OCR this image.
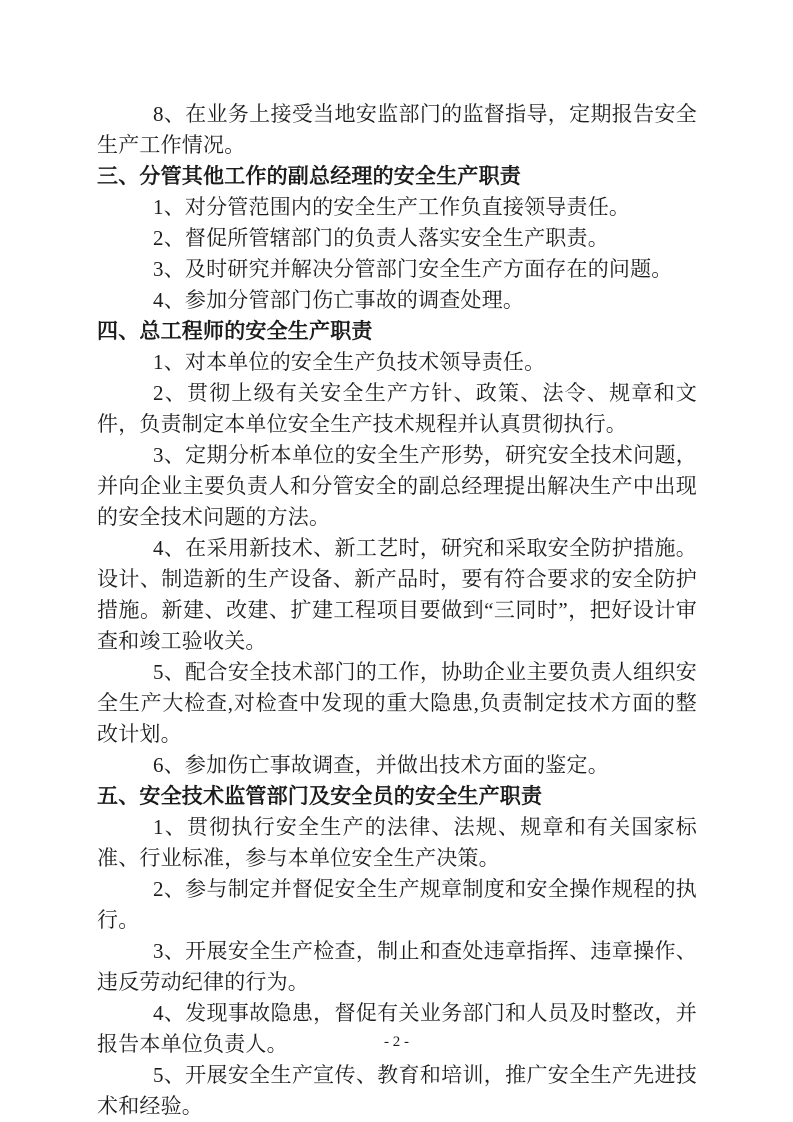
8、在业务上接受当地安监部门的监督指导，定期报告安全生产工作情况。

三、分管其他工作的副总经理的安全生产职责

1、对分管范围内的安全生产工作负直接领导责任。

2、督促所管辖部门的负责人落实安全生产职责。

3、及时研究并解决分管部门安全生产方面存在的问题。

4、参加分管部门伤亡事故的调查处理。

四、总工程师的安全生产职责

1、对本单位的安全生产负技术领导责任。

2、贯彻上级有关安全生产方针、政策、法令、规章和文件，负责制定本单位安全生产技术规程并认真贯彻执行。

3、定期分析本单位的安全生产形势，研究安全技术问题，并向企业主要负责人和分管安全的副总经理提出解决生产中出现的安全技术问题的方法。

4、在采用新技术、新工艺时，研究和采取安全防护措施。设计、制造新的生产设备、新产品时，要有符合要求的安全防护措施。新建、改建、扩建工程项目要做到“三同时”，把好设计审查和竣工验收关。

5、配合安全技术部门的工作，协助企业主要负责人组织安全生产大检查,对检查中发现的重大隐患,负责制定技术方面的整改计划。

6、参加伤亡事故调查，并做出技术方面的鉴定。

五、安全技术监管部门及安全员的安全生产职责

1、贯彻执行安全生产的法律、法规、规章和有关国家标准、行业标准，参与本单位安全生产决策。

2、参与制定并督促安全生产规章制度和安全操作规程的执行。

3、开展安全生产检查，制止和查处违章指挥、违章操作、违反劳动纪律的行为。

4、发现事故隐患，督促有关业务部门和人员及时整改，并报告本单位负责人。

5、开展安全生产宣传、教育和培训，推广安全生产先进技术和经验。

- 2 -
